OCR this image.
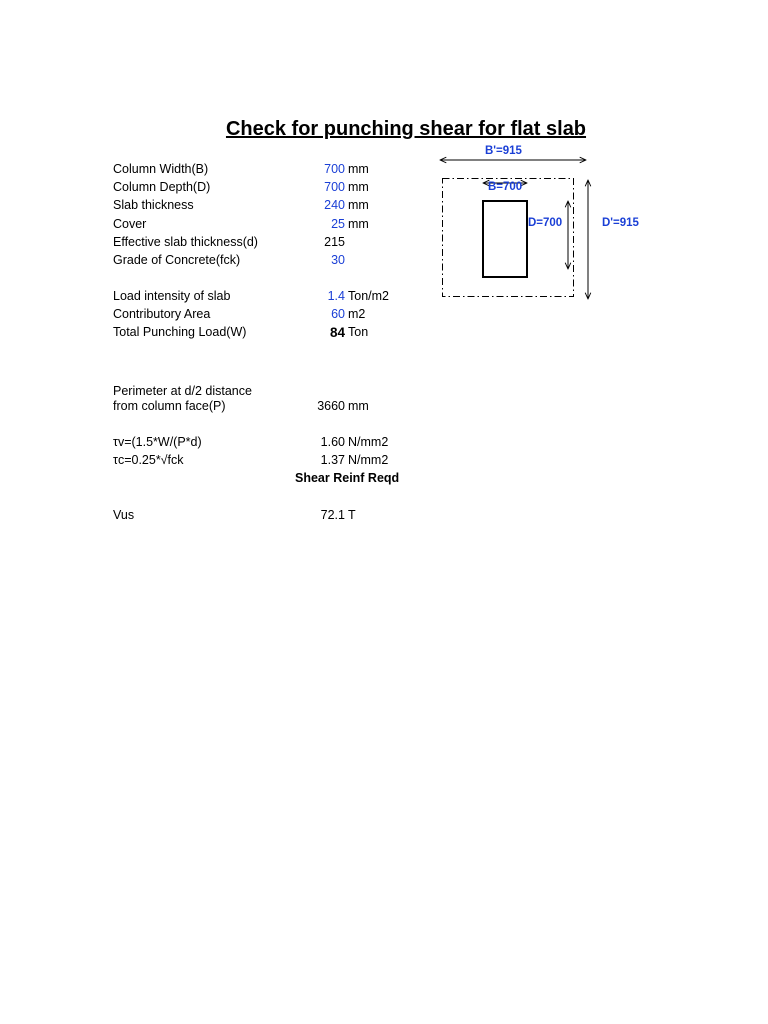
Check for punching shear for flat slab
Column Width(B)	700 mm
Column Depth(D)	700 mm
Slab thickness	240 mm
Cover	25 mm
Effective slab thickness(d)	215
Grade of Concrete(fck)	30
Load intensity of slab	1.4 Ton/m2
Contributory Area	60 m2
Total Punching Load(W)	84 Ton
Perimeter at d/2 distance
from column face(P)	3660 mm
τv=(1.5*W/(P*d)	1.60 N/mm2
τc=0.25*√fck	1.37 N/mm2
Shear Reinf Reqd
Vus	72.1 T
B'=915
B=700
D=700	D'=915
